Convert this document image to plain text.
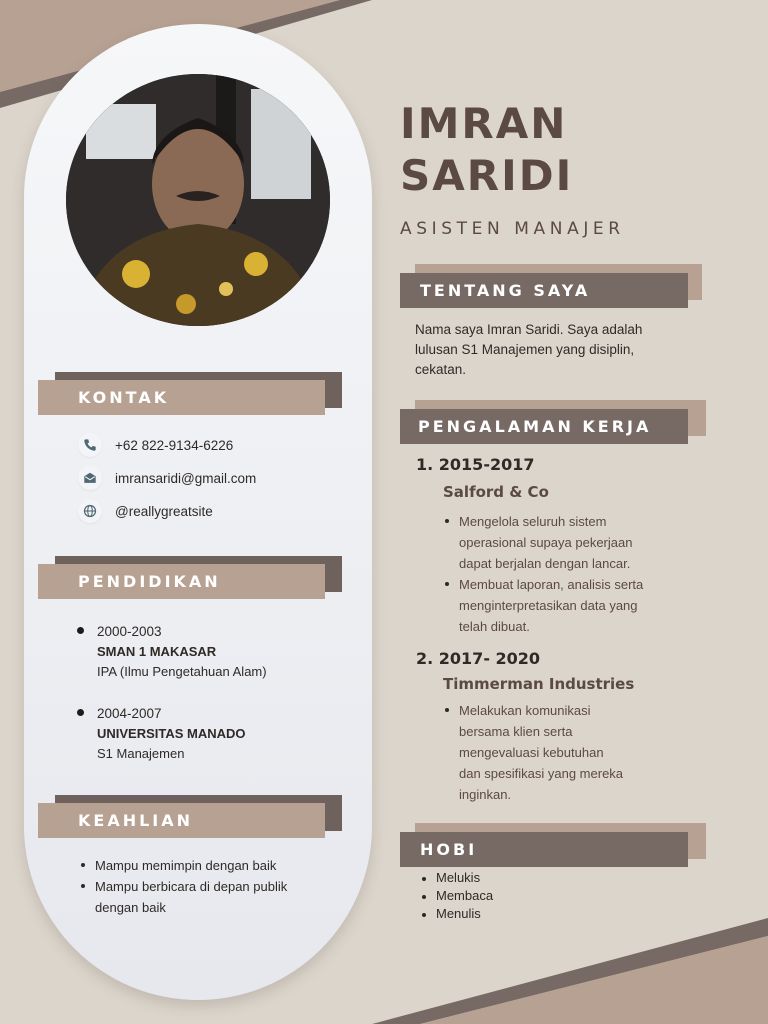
IMRAN
SARIDI
ASISTEN MANAJER
TENTANG SAYA
Nama saya Imran Saridi. Saya adalah
lulusan S1 Manajemen yang disiplin,
cekatan.
PENGALAMAN KERJA
1. 2015-2017
Salford & Co
Mengelola seluruh sistem
operasional supaya pekerjaan
dapat berjalan dengan lancar.
Membuat laporan, analisis serta
menginterpretasikan data yang
telah dibuat.
2. 2017- 2020
Timmerman Industries
Melakukan komunikasi
bersama klien serta
mengevaluasi kebutuhan
dan spesifikasi yang mereka
inginkan.
HOBI
Melukis
Membaca
Menulis
KONTAK
+62 822-9134-6226
imransaridi@gmail.com
@reallygreatsite
PENDIDIKAN
2000-2003
SMAN 1 MAKASAR
IPA (Ilmu Pengetahuan Alam)
2004-2007
UNIVERSITAS MANADO
S1 Manajemen
KEAHLIAN
Mampu memimpin dengan baik
Mampu berbicara di depan publik
dengan baik
